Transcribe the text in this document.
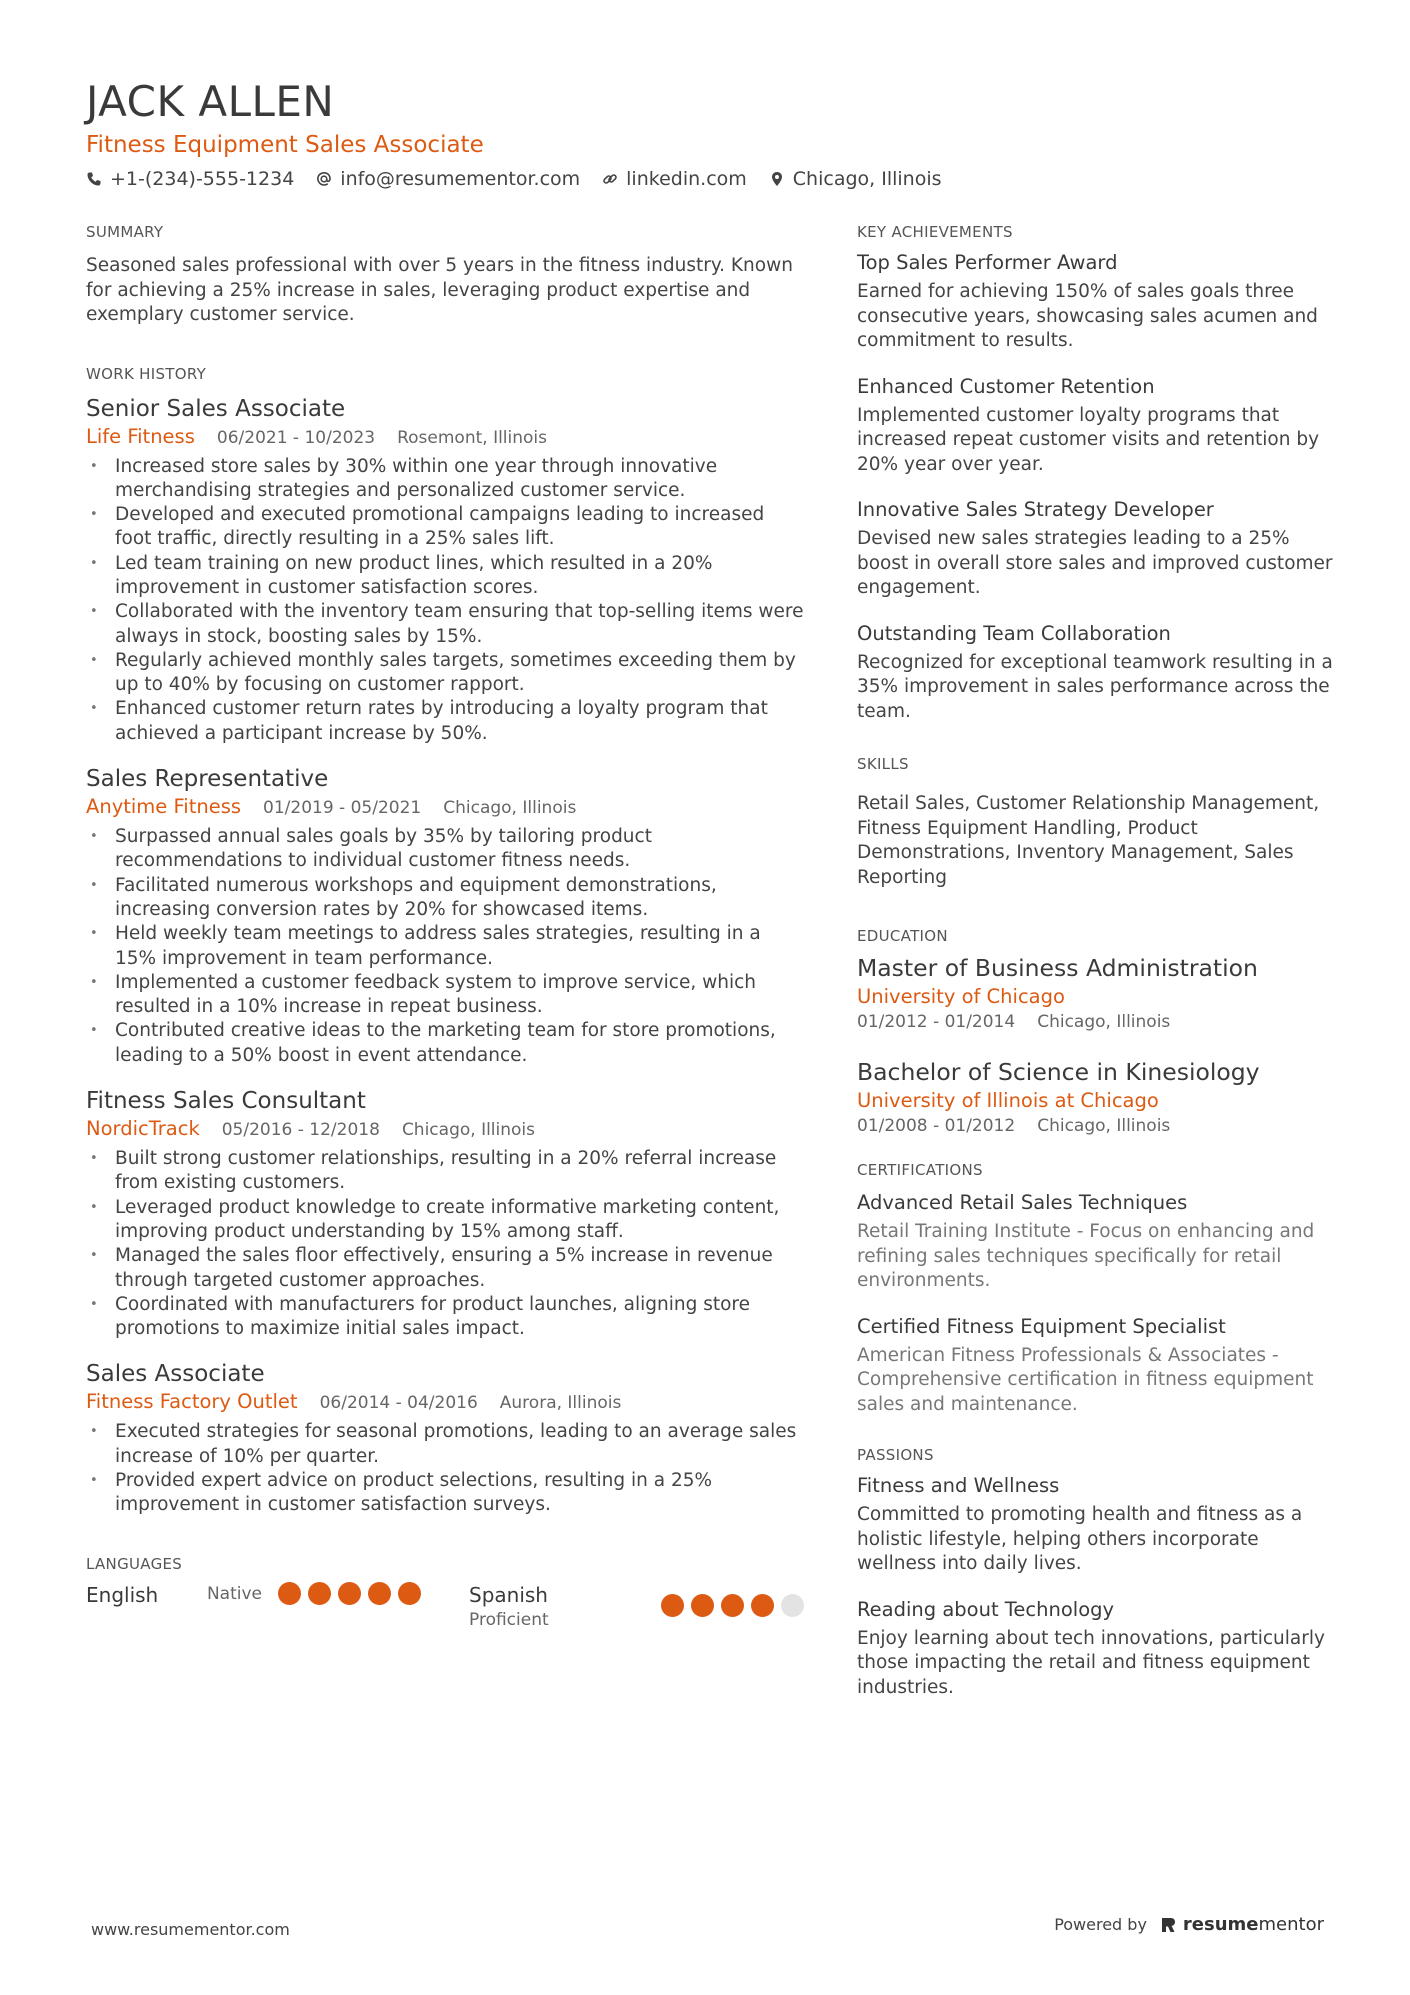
JACK ALLEN
Fitness Equipment Sales Associate
+1-(234)-555-1234 info@resumementor.com linkedin.com Chicago, Illinois
SUMMARY
Seasoned sales professional with over 5 years in the fitness industry. Known for achieving a 25% increase in sales, leveraging product expertise and exemplary customer service.
WORK HISTORY
Senior Sales Associate
Life Fitness 06/2021 - 10/2023 Rosemont, Illinois
• Increased store sales by 30% within one year through innovative merchandising strategies and personalized customer service.
• Developed and executed promotional campaigns leading to increased foot traffic, directly resulting in a 25% sales lift.
• Led team training on new product lines, which resulted in a 20% improvement in customer satisfaction scores.
• Collaborated with the inventory team ensuring that top-selling items were always in stock, boosting sales by 15%.
• Regularly achieved monthly sales targets, sometimes exceeding them by up to 40% by focusing on customer rapport.
• Enhanced customer return rates by introducing a loyalty program that achieved a participant increase by 50%.
Sales Representative
Anytime Fitness 01/2019 - 05/2021 Chicago, Illinois
• Surpassed annual sales goals by 35% by tailoring product recommendations to individual customer fitness needs.
• Facilitated numerous workshops and equipment demonstrations, increasing conversion rates by 20% for showcased items.
• Held weekly team meetings to address sales strategies, resulting in a 15% improvement in team performance.
• Implemented a customer feedback system to improve service, which resulted in a 10% increase in repeat business.
• Contributed creative ideas to the marketing team for store promotions, leading to a 50% boost in event attendance.
Fitness Sales Consultant
NordicTrack 05/2016 - 12/2018 Chicago, Illinois
• Built strong customer relationships, resulting in a 20% referral increase from existing customers.
• Leveraged product knowledge to create informative marketing content, improving product understanding by 15% among staff.
• Managed the sales floor effectively, ensuring a 5% increase in revenue through targeted customer approaches.
• Coordinated with manufacturers for product launches, aligning store promotions to maximize initial sales impact.
Sales Associate
Fitness Factory Outlet 06/2014 - 04/2016 Aurora, Illinois
• Executed strategies for seasonal promotions, leading to an average sales increase of 10% per quarter.
• Provided expert advice on product selections, resulting in a 25% improvement in customer satisfaction surveys.
LANGUAGES
English	Native	Spanish
Proficient
KEY ACHIEVEMENTS
Top Sales Performer Award
Earned for achieving 150% of sales goals three consecutive years, showcasing sales acumen and commitment to results.
Enhanced Customer Retention
Implemented customer loyalty programs that increased repeat customer visits and retention by 20% year over year.
Innovative Sales Strategy Developer
Devised new sales strategies leading to a 25% boost in overall store sales and improved customer engagement.
Outstanding Team Collaboration
Recognized for exceptional teamwork resulting in a 35% improvement in sales performance across the team.
SKILLS
Retail Sales, Customer Relationship Management, Fitness Equipment Handling, Product Demonstrations, Inventory Management, Sales Reporting
EDUCATION
Master of Business Administration
University of Chicago
01/2012 - 01/2014 Chicago, Illinois
Bachelor of Science in Kinesiology
University of Illinois at Chicago
01/2008 - 01/2012 Chicago, Illinois
CERTIFICATIONS
Advanced Retail Sales Techniques
Retail Training Institute - Focus on enhancing and refining sales techniques specifically for retail environments.
Certified Fitness Equipment Specialist
American Fitness Professionals & Associates - Comprehensive certification in fitness equipment sales and maintenance.
PASSIONS
Fitness and Wellness
Committed to promoting health and fitness as a holistic lifestyle, helping others incorporate wellness into daily lives.
Reading about Technology
Enjoy learning about tech innovations, particularly those impacting the retail and fitness equipment industries.
www.resumementor.com	Powered by resumementor
